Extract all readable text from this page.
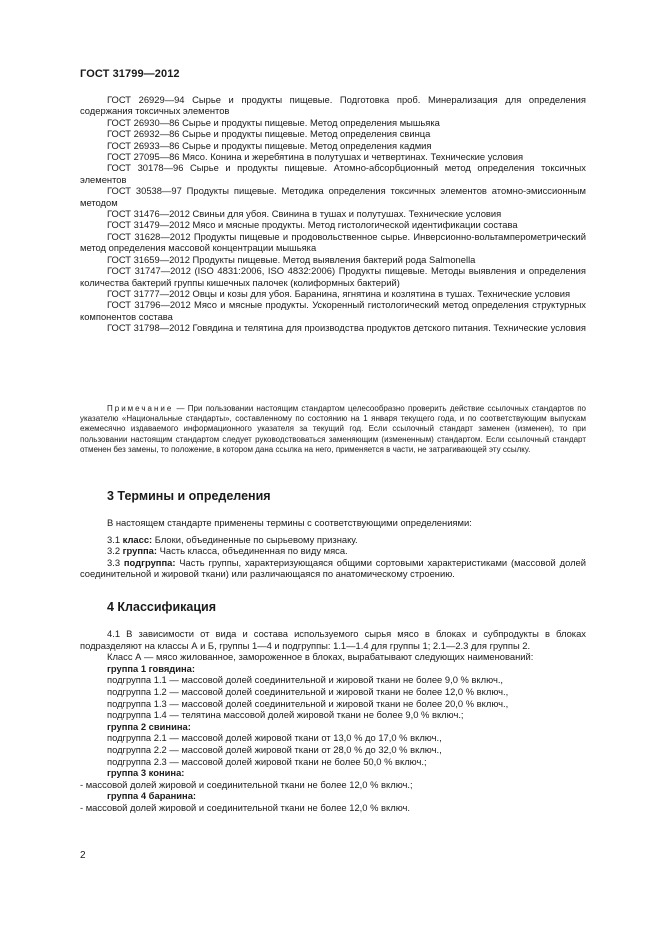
ГОСТ 31799—2012
ГОСТ 26929—94 Сырье и продукты пищевые. Подготовка проб. Минерализация для определения содержания токсичных элементов
ГОСТ 26930—86 Сырье и продукты пищевые. Метод определения мышьяка
ГОСТ 26932—86 Сырье и продукты пищевые. Метод определения свинца
ГОСТ 26933—86 Сырье и продукты пищевые. Метод определения кадмия
ГОСТ 27095—86 Мясо. Конина и жеребятина в полутушах и четвертинах. Технические условия
ГОСТ 30178—96 Сырье и продукты пищевые. Атомно-абсорбционный метод определения токсичных элементов
ГОСТ 30538—97 Продукты пищевые. Методика определения токсичных элементов атомно-эмиссионным методом
ГОСТ 31476—2012 Свиньи для убоя. Свинина в тушах и полутушах. Технические условия
ГОСТ 31479—2012 Мясо и мясные продукты. Метод гистологической идентификации состава
ГОСТ 31628—2012 Продукты пищевые и продовольственное сырье. Инверсионно-вольтамперометрический метод определения массовой концентрации мышьяка
ГОСТ 31659—2012 Продукты пищевые. Метод выявления бактерий рода Salmonella
ГОСТ 31747—2012 (ISO 4831:2006, ISO 4832:2006) Продукты пищевые. Методы выявления и определения количества бактерий группы кишечных палочек (колиформных бактерий)
ГОСТ 31777—2012 Овцы и козы для убоя. Баранина, ягнятина и козлятина в тушах. Технические условия
ГОСТ 31796—2012 Мясо и мясные продукты. Ускоренный гистологический метод определения структурных компонентов состава
ГОСТ 31798—2012 Говядина и телятина для производства продуктов детского питания. Технические условия
Примечание — При пользовании настоящим стандартом целесообразно проверить действие ссылочных стандартов по указателю «Национальные стандарты», составленному по состоянию на 1 января текущего года, и по соответствующим выпускам ежемесячно издаваемого информационного указателя за текущий год. Если ссылочный стандарт заменен (изменен), то при пользовании настоящим стандартом следует руководствоваться заменяющим (измененным) стандартом. Если ссылочный стандарт отменен без замены, то положение, в котором дана ссылка на него, применяется в части, не затрагивающей эту ссылку.
3 Термины и определения
В настоящем стандарте применены термины с соответствующими определениями:
3.1 класс: Блоки, объединенные по сырьевому признаку.
3.2 группа: Часть класса, объединенная по виду мяса.
3.3 подгруппа: Часть группы, характеризующаяся общими сортовыми характеристиками (массовой долей соединительной и жировой ткани) или различающаяся по анатомическому строению.
4 Классификация
4.1 В зависимости от вида и состава используемого сырья мясо в блоках и субпродукты в блоках подразделяют на классы А и Б, группы 1—4 и подгруппы: 1.1—1.4 для группы 1; 2.1—2.3 для группы 2.
Класс А — мясо жилованное, замороженное в блоках, вырабатывают следующих наименований:
группа 1 говядина:
подгруппа 1.1 — массовой долей соединительной и жировой ткани не более 9,0 % включ.,
подгруппа 1.2 — массовой долей соединительной и жировой ткани не более 12,0 % включ.,
подгруппа 1.3 — массовой долей соединительной и жировой ткани не более 20,0 % включ.,
подгруппа 1.4 — телятина массовой долей жировой ткани не более 9,0 % включ.;
группа 2 свинина:
подгруппа 2.1 — массовой долей жировой ткани от 13,0 % до 17,0 % включ.,
подгруппа 2.2 — массовой долей жировой ткани от 28,0 % до 32,0 % включ.,
подгруппа 2.3 — массовой долей жировой ткани не более 50,0 % включ.;
группа 3 конина:
- массовой долей жировой и соединительной ткани не более 12,0 % включ.;
группа 4 баранина:
- массовой долей жировой и соединительной ткани не более 12,0 % включ.
2
